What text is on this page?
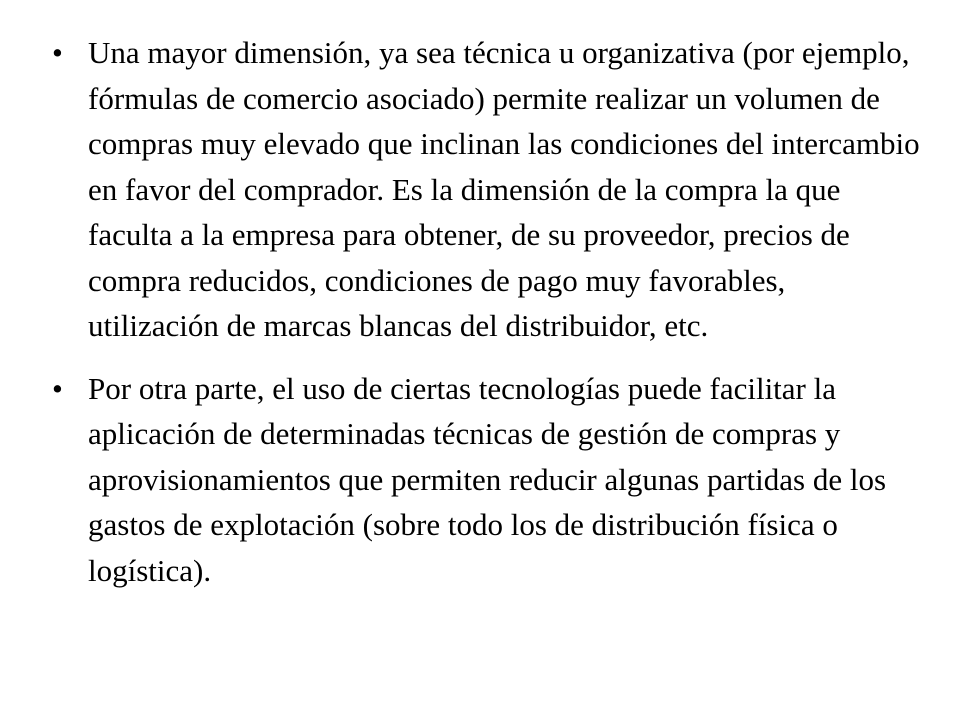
• Una mayor dimensión, ya sea técnica u organizativa (por ejemplo, fórmulas de comercio asociado) permite realizar un volumen de compras muy elevado que inclinan las condiciones del intercambio en favor del comprador. Es la dimensión de la compra la que faculta a la empresa para obtener, de su proveedor, precios de compra reducidos, condiciones de pago muy favorables, utilización de marcas blancas del distribuidor, etc.
• Por otra parte, el uso de ciertas tecnologías puede facilitar la aplicación de determinadas técnicas de gestión de compras y aprovisionamientos que permiten reducir algunas partidas de los gastos de explotación (sobre todo los de distribución física o logística).
